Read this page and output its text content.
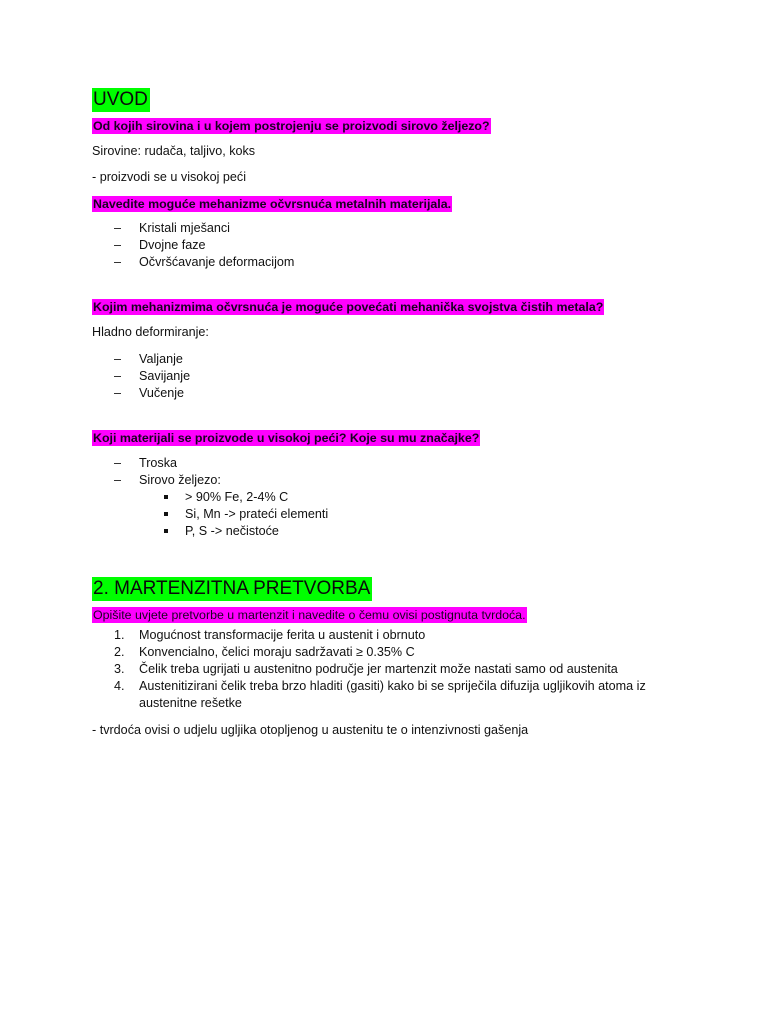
UVOD
Od kojih sirovina i u kojem postrojenju se proizvodi sirovo željezo?

Sirovine: rudača, taljivo, koks

- proizvodi se u visokoj peći

Navedite moguće mehanizme očvrsnuća metalnih materijala.
– Kristali mješanci
– Dvojne faze
– Očvršćavanje deformacijom
Kojim mehanizmima očvrsnuća je moguće povećati mehanička svojstva čistih metala?

Hladno deformiranje:

– Valjanje
– Savijanje
– Vučenje
Koji materijali se proizvode u visokoj peći? Koje su mu značajke?
– Troska
– Sirovo željezo:
> 90% Fe, 2-4% C
Si, Mn -> prateći elementi
P, S -> nečistoće
2. MARTENZITNA PRETVORBA
Opišite uvjete pretvorbe u martenzit i navedite o čemu ovisi postignuta tvrdoća.
1. Mogućnost transformacije ferita u austenit i obrnuto
2. Konvencialno, čelici moraju sadržavati ≥ 0.35% C
3. Čelik treba ugrijati u austenitno područje jer martenzit može nastati samo od austenita
4. Austenitizirani čelik treba brzo hladiti (gasiti) kako bi se spriječila difuzija ugljikovih atoma iz austenitne rešetke

- tvrdoća ovisi o udjelu ugljika otopljenog u austenitu te o intenzivnosti gašenja
